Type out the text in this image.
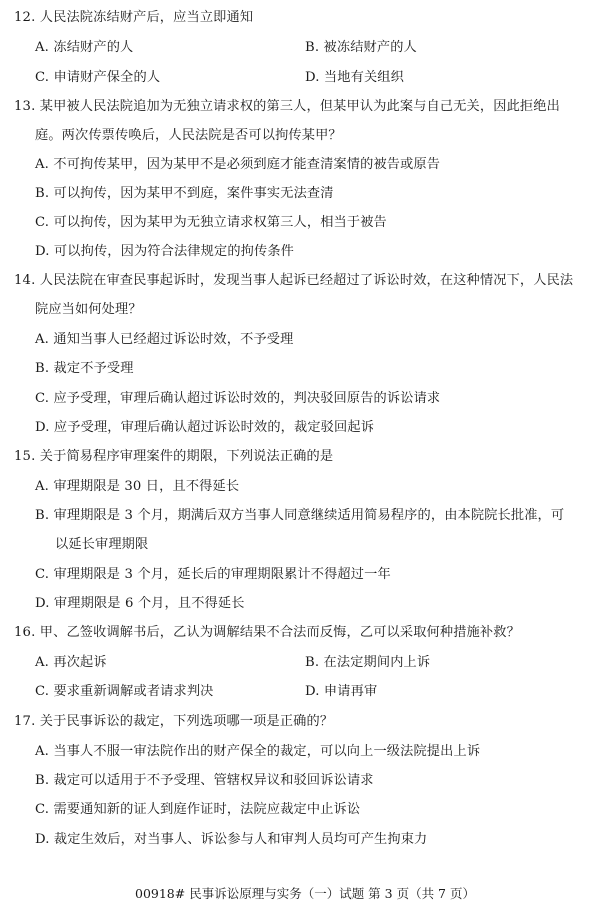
12. 人民法院冻结财产后，应当立即通知
A. 冻结财产的人	B. 被冻结财产的人
C. 申请财产保全的人	D. 当地有关组织
13. 某甲被人民法院追加为无独立请求权的第三人，但某甲认为此案与自己无关，因此拒绝出
庭。两次传票传唤后，人民法院是否可以拘传某甲？
A. 不可拘传某甲，因为某甲不是必须到庭才能查清案情的被告或原告
B. 可以拘传，因为某甲不到庭，案件事实无法查清
C. 可以拘传，因为某甲为无独立请求权第三人，相当于被告
D. 可以拘传，因为符合法律规定的拘传条件
14. 人民法院在审查民事起诉时，发现当事人起诉已经超过了诉讼时效，在这种情况下，人民法
院应当如何处理？
A. 通知当事人已经超过诉讼时效，不予受理
B. 裁定不予受理
C. 应予受理，审理后确认超过诉讼时效的，判决驳回原告的诉讼请求
D. 应予受理，审理后确认超过诉讼时效的，裁定驳回起诉
15. 关于简易程序审理案件的期限，下列说法正确的是
A. 审理期限是 30 日，且不得延长
B. 审理期限是 3 个月，期满后双方当事人同意继续适用简易程序的，由本院院长批准，可
以延长审理期限
C. 审理期限是 3 个月，延长后的审理期限累计不得超过一年
D. 审理期限是 6 个月，且不得延长
16. 甲、乙签收调解书后，乙认为调解结果不合法而反悔，乙可以采取何种措施补救？
A. 再次起诉	B. 在法定期间内上诉
C. 要求重新调解或者请求判决	D. 申请再审
17. 关于民事诉讼的裁定，下列选项哪一项是正确的？
A. 当事人不服一审法院作出的财产保全的裁定，可以向上一级法院提出上诉
B. 裁定可以适用于不予受理、管辖权异议和驳回诉讼请求
C. 需要通知新的证人到庭作证时，法院应裁定中止诉讼
D. 裁定生效后，对当事人、诉讼参与人和审判人员均可产生拘束力
00918# 民事诉讼原理与实务（一）试题 第 3 页（共 7 页）
